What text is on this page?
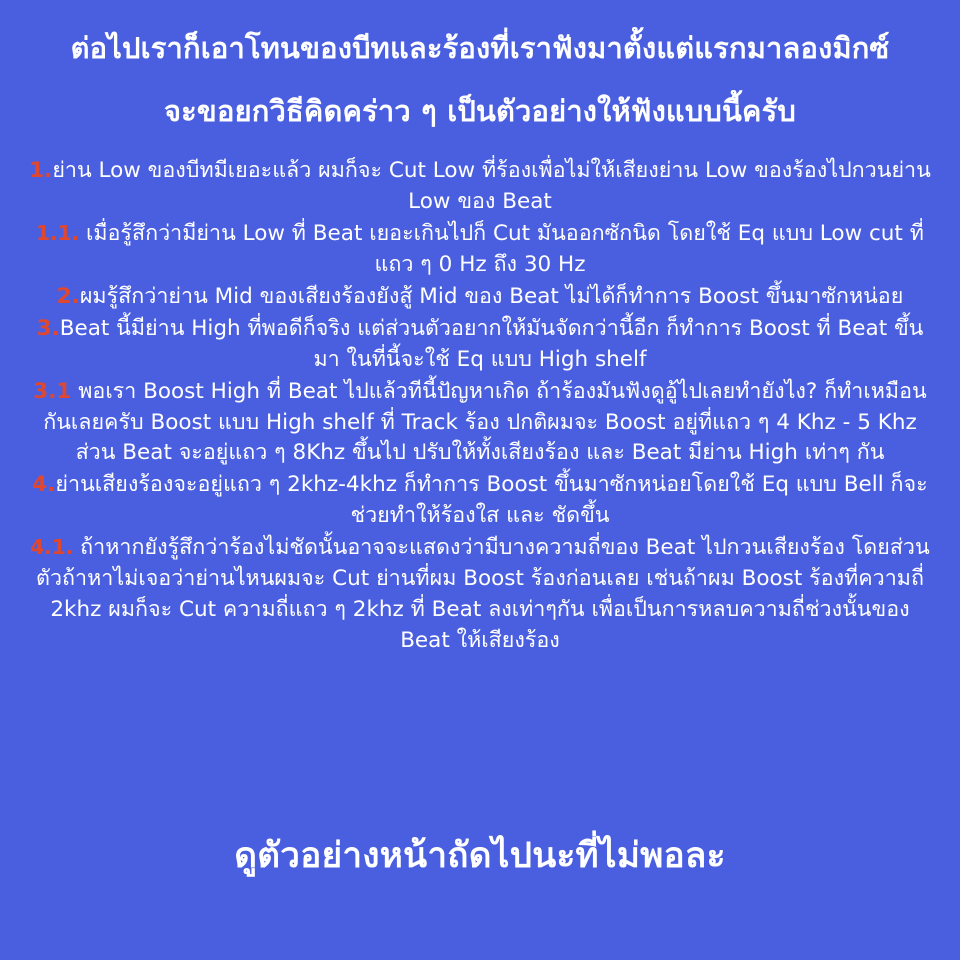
ต่อไปเราก็เอาโทนของบีทและร้องที่เราฟังมาตั้งแต่แรกมาลองมิกซ์
จะขอยกวิธีคิดคร่าว ๆ เป็นตัวอย่างให้ฟังแบบนี้ครับ

1.ย่าน Low ของบีทมีเยอะแล้ว ผมก็จะ Cut Low ที่ร้องเพื่อไม่ให้เสียงย่าน Low ของร้องไปกวนย่าน Low ของ Beat

1.1. เมื่อรู้สึกว่ามีย่าน Low ที่ Beat เยอะเกินไปก็ Cut มันออกซักนิด โดยใช้ Eq แบบ Low cut ที่แถว ๆ 0 Hz ถึง 30 Hz

2.ผมรู้สึกว่าย่าน Mid ของเสียงร้องยังสู้ Mid ของ Beat ไม่ได้ก็ทำการ Boost ขึ้นมาซักหน่อย

3.Beat นี้มีย่าน High ที่พอดีก็จริง แต่ส่วนตัวอยากให้มันจัดกว่านี้อีก ก็ทำการ Boost ที่ Beat ขึ้นมา ในที่นี้จะใช้ Eq แบบ High shelf

3.1 พอเรา Boost High ที่ Beat ไปแล้วทีนี้ปัญหาเกิด ถ้าร้องมันฟังดูอู้ไปเลยทำยังไง? ก็ทำเหมือนกันเลยครับ Boost แบบ High shelf ที่ Track ร้อง ปกติผมจะ Boost อยู่ที่แถว ๆ 4 Khz - 5 Khz ส่วน Beat จะอยู่แถว ๆ 8Khz ขึ้นไป ปรับให้ทั้งเสียงร้อง และ Beat มีย่าน High เท่าๆ กัน

4.ย่านเสียงร้องจะอยู่แถว ๆ 2khz-4khz ก็ทำการ Boost ขึ้นมาซักหน่อยโดยใช้ Eq แบบ Bell ก็จะช่วยทำให้ร้องใส และ ชัดขึ้น

4.1. ถ้าหากยังรู้สึกว่าร้องไม่ชัดนั้นอาจจะแสดงว่ามีบางความถี่ของ Beat ไปกวนเสียงร้อง โดยส่วนตัวถ้าหาไม่เจอว่าย่านไหนผมจะ Cut ย่านที่ผม Boost ร้องก่อนเลย เช่นถ้าผม Boost ร้องที่ความถี่ 2khz ผมก็จะ Cut ความถี่แถว ๆ 2khz ที่ Beat ลงเท่าๆกัน เพื่อเป็นการหลบความถี่ช่วงนั้นของ Beat ให้เสียงร้อง

ดูตัวอย่างหน้าถัดไปนะที่ไม่พอละ
